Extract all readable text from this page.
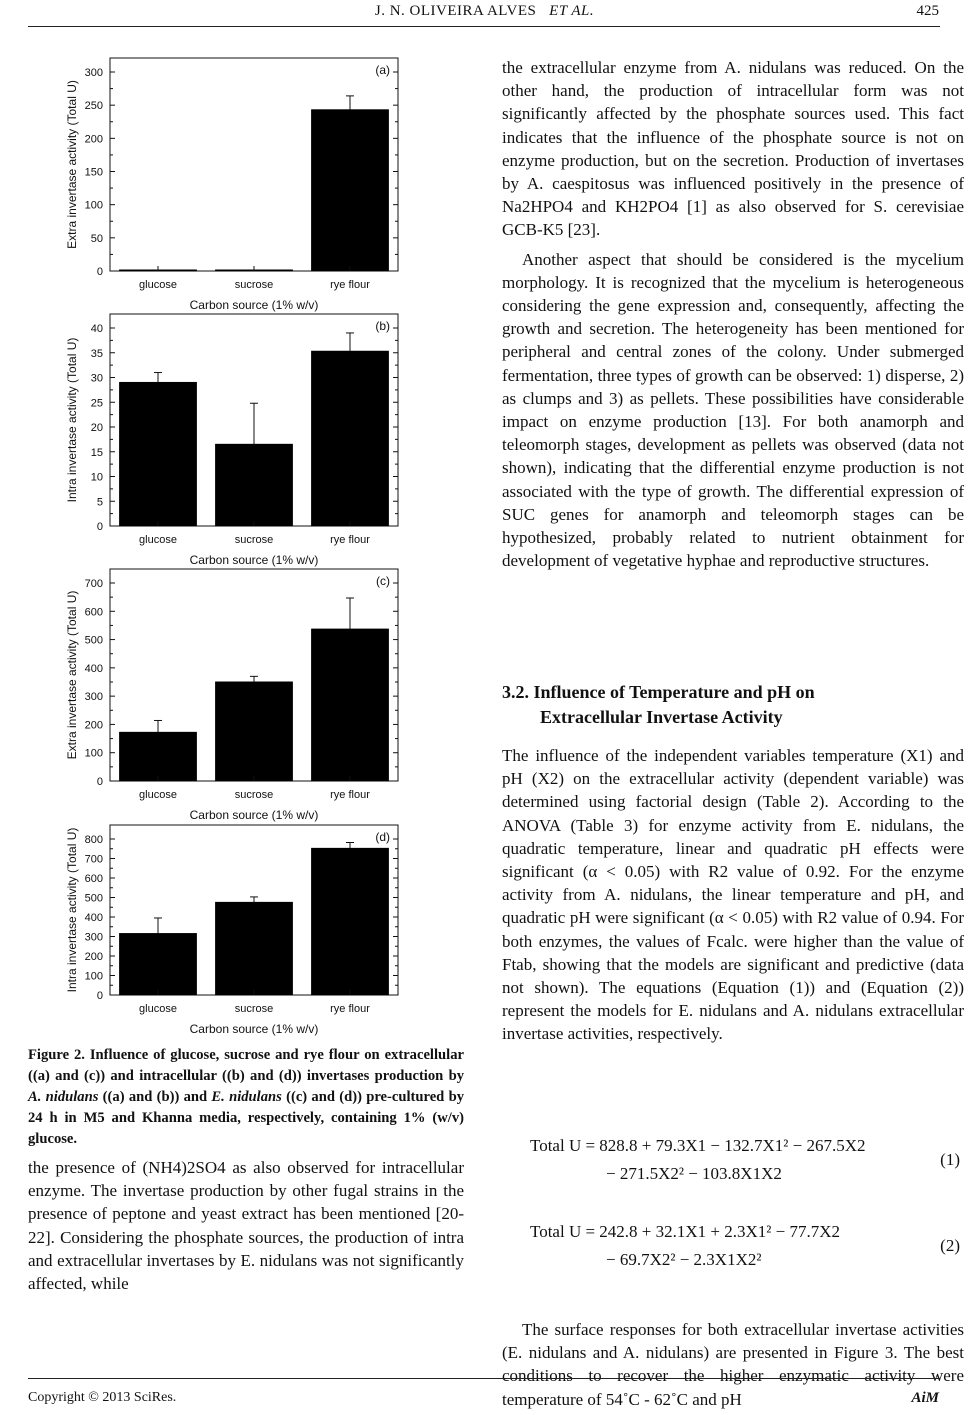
J. N. OLIVEIRA ALVES ET AL.	425
0
50
100
150
200
250
300
glucose	sucrose	rye flour
Carbon source (1% w/v)
Extra invertase activity (Total U)
(a)
0
5
10
15
20
25
30
35
40
glucose	sucrose	rye flour
Carbon source (1% w/v)
Intra invertase activity (Total U)
(b)
0
100
200
300
400
500
600
700
glucose	sucrose	rye flour
Carbon source (1% w/v)
Extra invertase activity (Total U)
(c)
0
100
200
300
400
500
600
700
800
glucose	sucrose	rye flour
Carbon source (1% w/v)
Intra invertase activity (Total U)	(d)
Figure 2. Influence of glucose, sucrose and rye flour on extracellular ((a) and (c)) and intracellular ((b) and (d)) invertases production by A. nidulans ((a) and (b)) and E. nidulans ((c) and (d)) pre-cultured by 24 h in M5 and Khanna media, respectively, containing 1% (w/v) glucose.
the presence of (NH4)2SO4 as also observed for intracellular enzyme. The invertase production by other fugal strains in the presence of peptone and yeast extract has been mentioned [20-22]. Considering the phosphate sources, the production of intra and extracellular invertases by E. nidulans was not significantly affected, while

the extracellular enzyme from A. nidulans was reduced. On the other hand, the production of intracellular form was not significantly affected by the phosphate sources used. This fact indicates that the influence of the phosphate source is not on enzyme production, but on the secretion. Production of invertases by A. caespitosus was influenced positively in the presence of Na2HPO4 and KH2PO4 [1] as also observed for S. cerevisiae GCB-K5 [23].

Another aspect that should be considered is the mycelium morphology. It is recognized that the mycelium is heterogeneous considering the gene expression and, consequently, affecting the growth and secretion. The heterogeneity has been mentioned for peripheral and central zones of the colony. Under submerged fermentation, three types of growth can be observed: 1) disperse, 2) as clumps and 3) as pellets. These possibilities have considerable impact on enzyme production [13]. For both anamorph and teleomorph stages, development as pellets was observed (data not shown), indicating that the differential enzyme production is not associated with the type of growth. The differential expression of SUC genes for anamorph and teleomorph stages can be hypothesized, probably related to nutrient obtainment for development of vegetative hyphae and reproductive structures.

3.2. Influence of Temperature and pH on
Extracellular Invertase Activity
The influence of the independent variables temperature (X1) and pH (X2) on the extracellular activity (dependent variable) was determined using factorial design (Table 2). According to the ANOVA (Table 3) for enzyme activity from E. nidulans, the quadratic temperature, linear and quadratic pH effects were significant (α < 0.05) with R2 value of 0.92. For the enzyme activity from A. nidulans, the linear temperature and pH, and quadratic pH were significant (α < 0.05) with R2 value of 0.94. For both enzymes, the values of Fcalc. were higher than the value of Ftab, showing that the models are significant and predictive (data not shown). The equations (Equation (1)) and (Equation (2)) represent the models for E. nidulans and A. nidulans extracellular invertase activities, respectively.
Total U = 828.8 + 79.3X1 − 132.7X1² − 267.5X2
− 271.5X2² − 103.8X1X2
(1)
Total U = 242.8 + 32.1X1 + 2.3X1² − 77.7X2
− 69.7X2² − 2.3X1X2²
(2)
The surface responses for both extracellular invertase activities (E. nidulans and A. nidulans) are presented in Figure 3. The best conditions to recover the higher enzymatic activity were temperature of 54˚C - 62˚C and pH
Copyright © 2013 SciRes.	AiM
